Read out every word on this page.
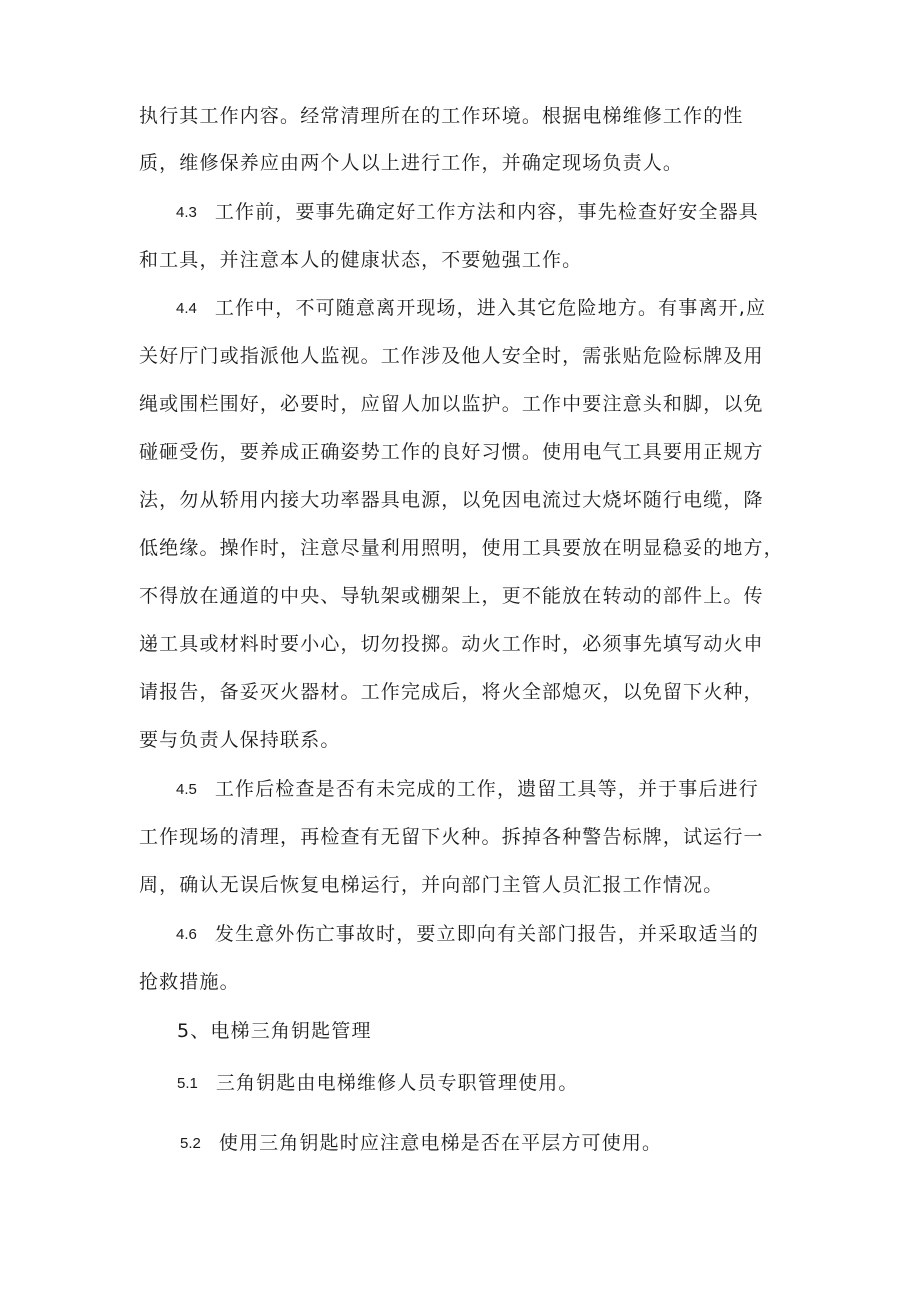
执行其工作内容。经常清理所在的工作环境。根据电梯维修工作的性
质，维修保养应由两个人以上进行工作，并确定现场负责人。
4.3 工作前，要事先确定好工作方法和内容，事先检查好安全器具
和工具，并注意本人的健康状态，不要勉强工作。
4.4 工作中，不可随意离开现场，进入其它危险地方。有事离开,应
关好厅门或指派他人监视。工作涉及他人安全时，需张贴危险标牌及用
绳或围栏围好，必要时，应留人加以监护。工作中要注意头和脚，以免
碰砸受伤，要养成正确姿势工作的良好习惯。使用电气工具要用正规方
法，勿从轿用内接大功率器具电源，以免因电流过大烧坏随行电缆，降
低绝缘。操作时，注意尽量利用照明，使用工具要放在明显稳妥的地方，
不得放在通道的中央、导轨架或棚架上，更不能放在转动的部件上。传
递工具或材料时要小心，切勿投掷。动火工作时，必须事先填写动火申
请报告，备妥灭火器材。工作完成后，将火全部熄灭，以免留下火种，
要与负责人保持联系。
4.5 工作后检查是否有未完成的工作，遗留工具等，并于事后进行
工作现场的清理，再检查有无留下火种。拆掉各种警告标牌，试运行一
周，确认无误后恢复电梯运行，并向部门主管人员汇报工作情况。
4.6 发生意外伤亡事故时，要立即向有关部门报告，并采取适当的
抢救措施。
5、电梯三角钥匙管理
5.1 三角钥匙由电梯维修人员专职管理使用。
5.2 使用三角钥匙时应注意电梯是否在平层方可使用。
